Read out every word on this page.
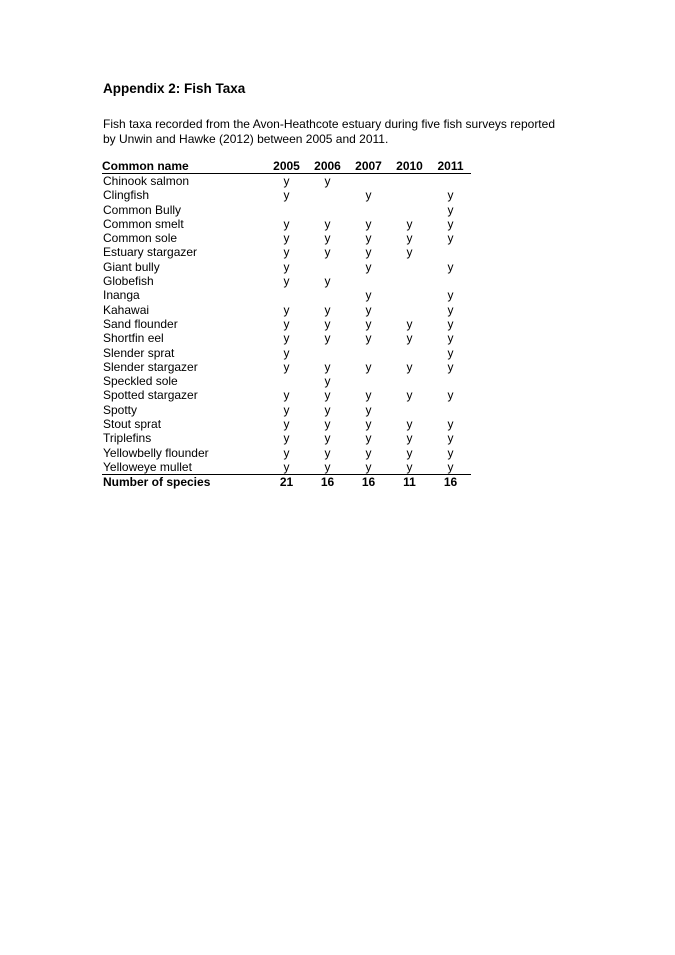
Appendix 2: Fish Taxa

Fish taxa recorded from the Avon-Heathcote estuary during five fish surveys reported by Unwin and Hawke (2012) between 2005 and 2011.

Common name	2005	2006	2007	2010	2011
Chinook salmon	y	y			
Clingfish	y		y		y
Common Bully					y
Common smelt	y	y	y	y	y
Common sole	y	y	y	y	y
Estuary stargazer	y	y	y	y	
Giant bully	y		y		y
Globefish	y	y			
Inanga			y		y
Kahawai	y	y	y		y
Sand flounder	y	y	y	y	y
Shortfin eel	y	y	y	y	y
Slender sprat	y				y
Slender stargazer	y	y	y	y	y
Speckled sole		y			
Spotted stargazer	y	y	y	y	y
Spotty	y	y	y		
Stout sprat	y	y	y	y	y
Triplefins	y	y	y	y	y
Yellowbelly flounder	y	y	y	y	y
Yelloweye mullet	y	y	y	y	y
Number of species	21	16	16	11	16
